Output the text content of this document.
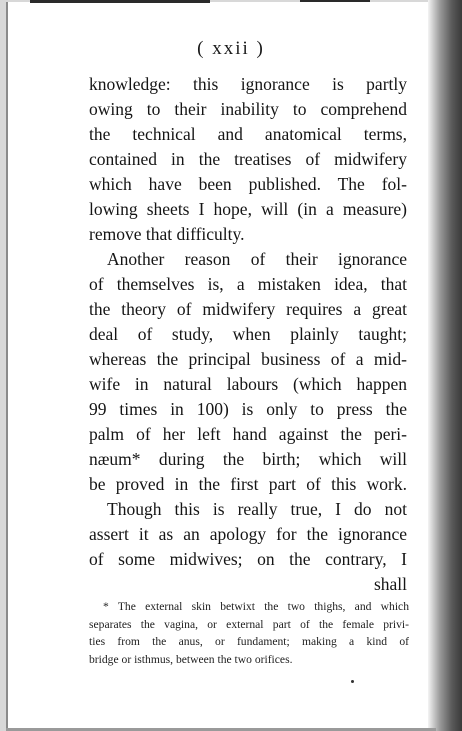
( xxii )
knowledge: this ignorance is partly
owing to their inability to comprehend
the technical and anatomical terms,
contained in the treatises of midwifery
which have been published. The fol-
lowing sheets I hope, will (in a measure)
remove that difficulty.
Another reason of their ignorance
of themselves is, a mistaken idea, that
the theory of midwifery requires a great
deal of study, when plainly taught;
whereas the principal business of a mid-
wife in natural labours (which happen
99 times in 100) is only to press the
palm of her left hand against the peri-
næum* during the birth; which will
be proved in the first part of this work.
Though this is really true, I do not
assert it as an apology for the ignorance
of some midwives; on the contrary, I
shall
* The external skin betwixt the two thighs, and which
separates the vagina, or external part of the female privi-
ties from the anus, or fundament; making a kind of
bridge or isthmus, between the two orifices.
